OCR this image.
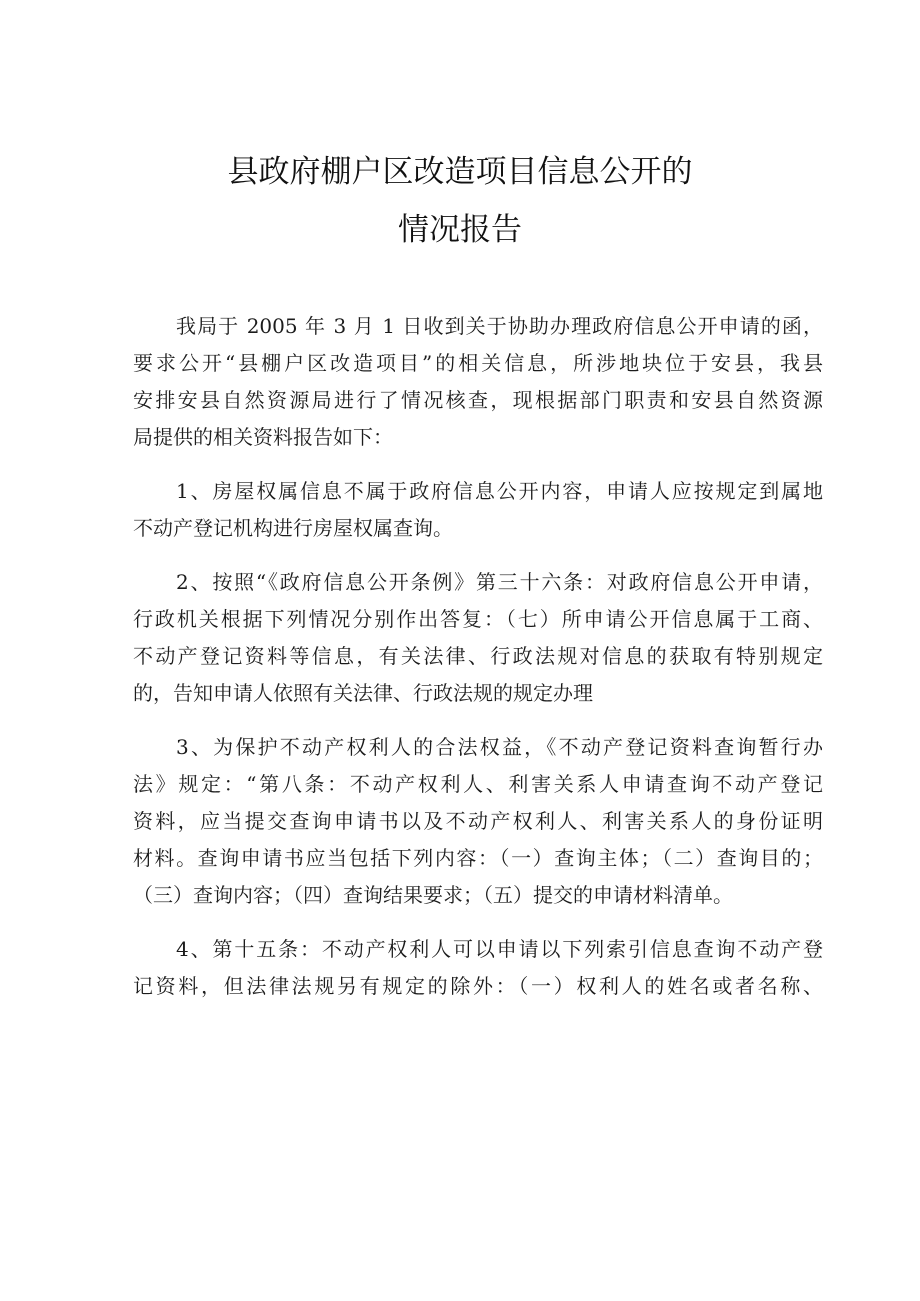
县政府棚户区改造项目信息公开的
情况报告
我局于 2005 年 3 月 1 日收到关于协助办理政府信息公开申请的函，
要求公开“县棚户区改造项目”的相关信息，所涉地块位于安县，我县
安排安县自然资源局进行了情况核查，现根据部门职责和安县自然资源
局提供的相关资料报告如下：
1、房屋权属信息不属于政府信息公开内容，申请人应按规定到属地
不动产登记机构进行房屋权属查询。
2、按照“《政府信息公开条例》第三十六条：对政府信息公开申请，
行政机关根据下列情况分别作出答复：（七）所申请公开信息属于工商、
不动产登记资料等信息，有关法律、行政法规对信息的获取有特别规定
的，告知申请人依照有关法律、行政法规的规定办理
3、为保护不动产权利人的合法权益，《不动产登记资料查询暂行办
法》规定：“第八条：不动产权利人、利害关系人申请查询不动产登记
资料，应当提交查询申请书以及不动产权利人、利害关系人的身份证明
材料。查询申请书应当包括下列内容：（一）查询主体；（二）查询目的；
（三）查询内容；（四）查询结果要求；（五）提交的申请材料清单。
4、第十五条：不动产权利人可以申请以下列索引信息查询不动产登
记资料，但法律法规另有规定的除外：（一）权利人的姓名或者名称、
